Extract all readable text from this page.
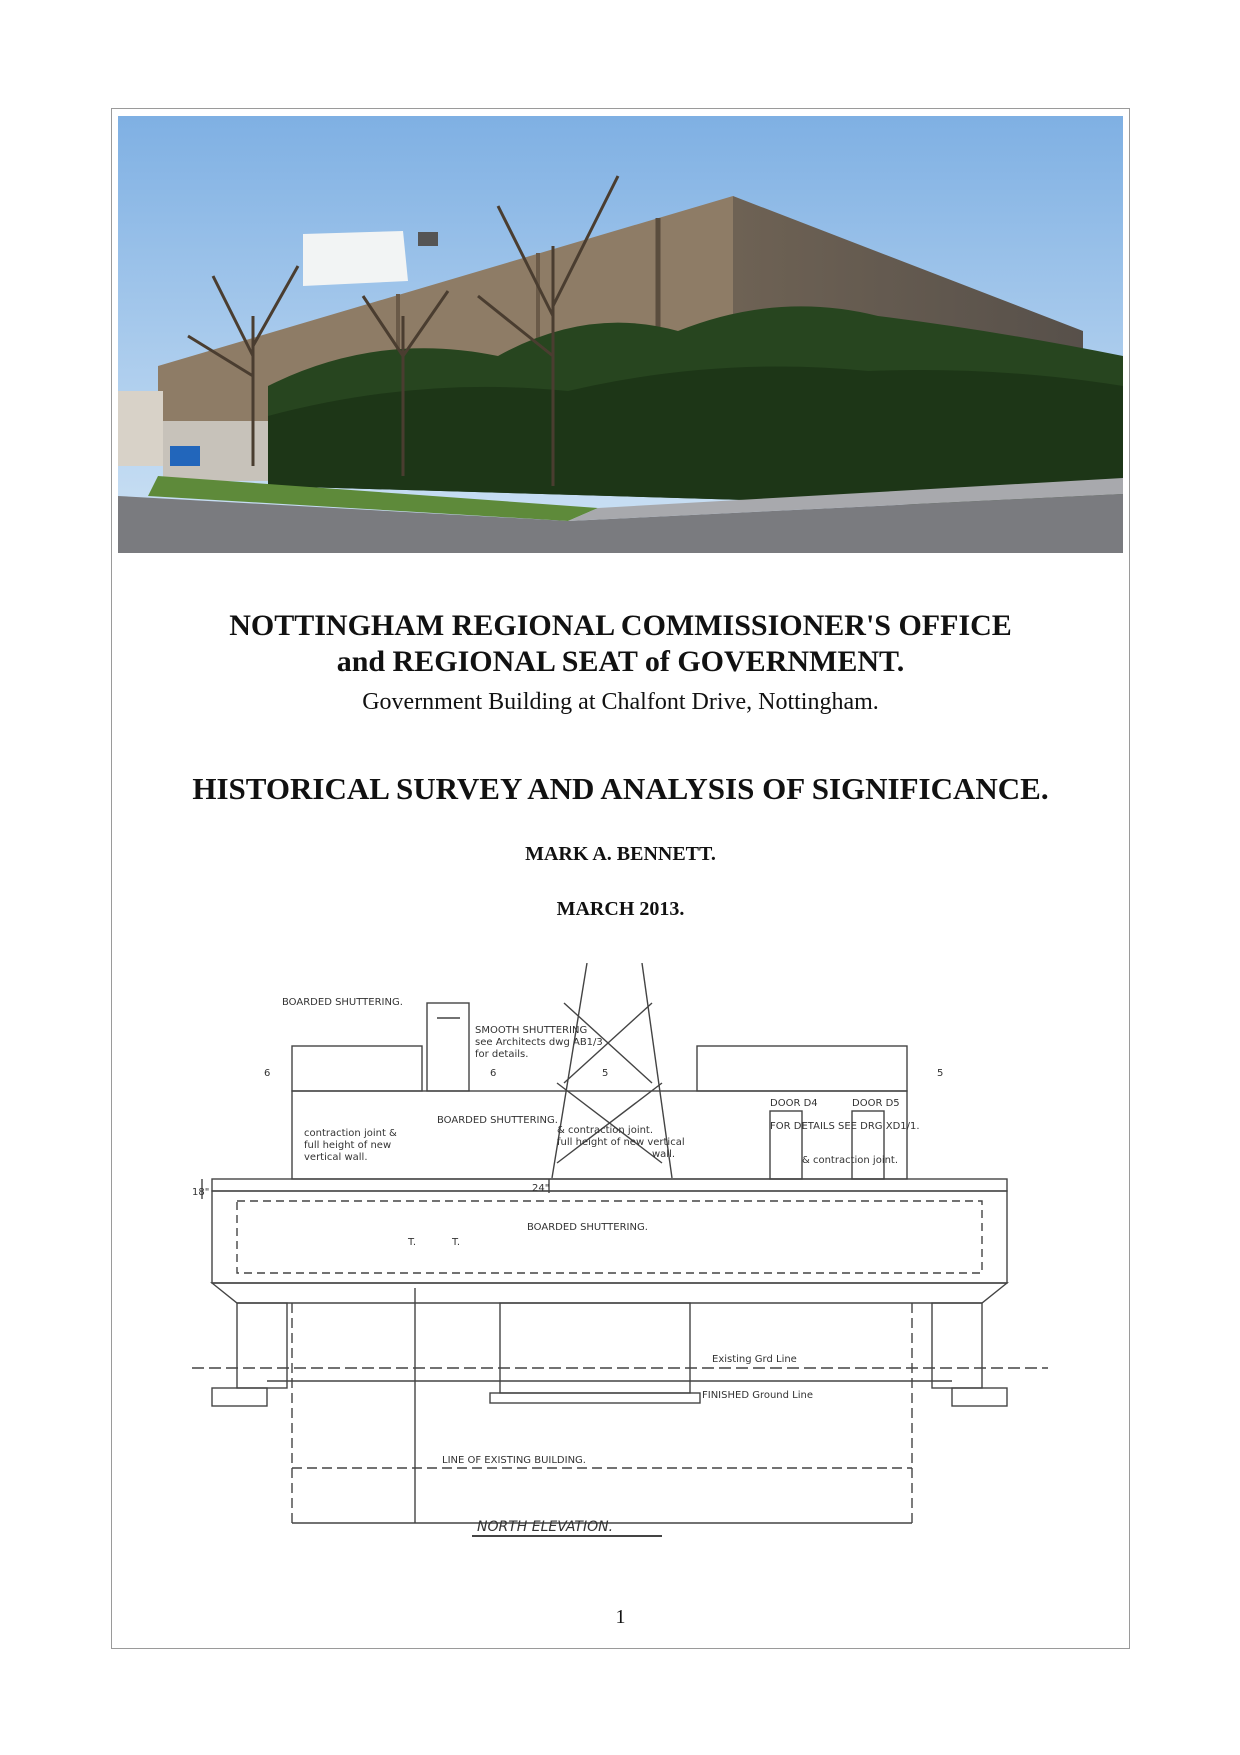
NOTTINGHAM REGIONAL COMMISSIONER'S OFFICE
and REGIONAL SEAT of GOVERNMENT.
Government Building at Chalfont Drive, Nottingham.
HISTORICAL SURVEY AND ANALYSIS OF SIGNIFICANCE.
MARK A. BENNETT.
MARCH 2013.
BOARDED SHUTTERING.
SMOOTH SHUTTERING
see Architects dwg AB1/3
for details.
6	6	5	5
BOARDED SHUTTERING.
contraction joint &
full height of new
vertical wall.
& contraction joint.
full height of new vertical
wall.
DOOR D4	DOOR D5
FOR DETAILS SEE DRG XD1/1.
& contraction joint.
18"	24"
BOARDED SHUTTERING.
T.	T.
Existing Grd Line
FINISHED Ground Line
LINE OF EXISTING BUILDING.
NORTH ELEVATION.
1
